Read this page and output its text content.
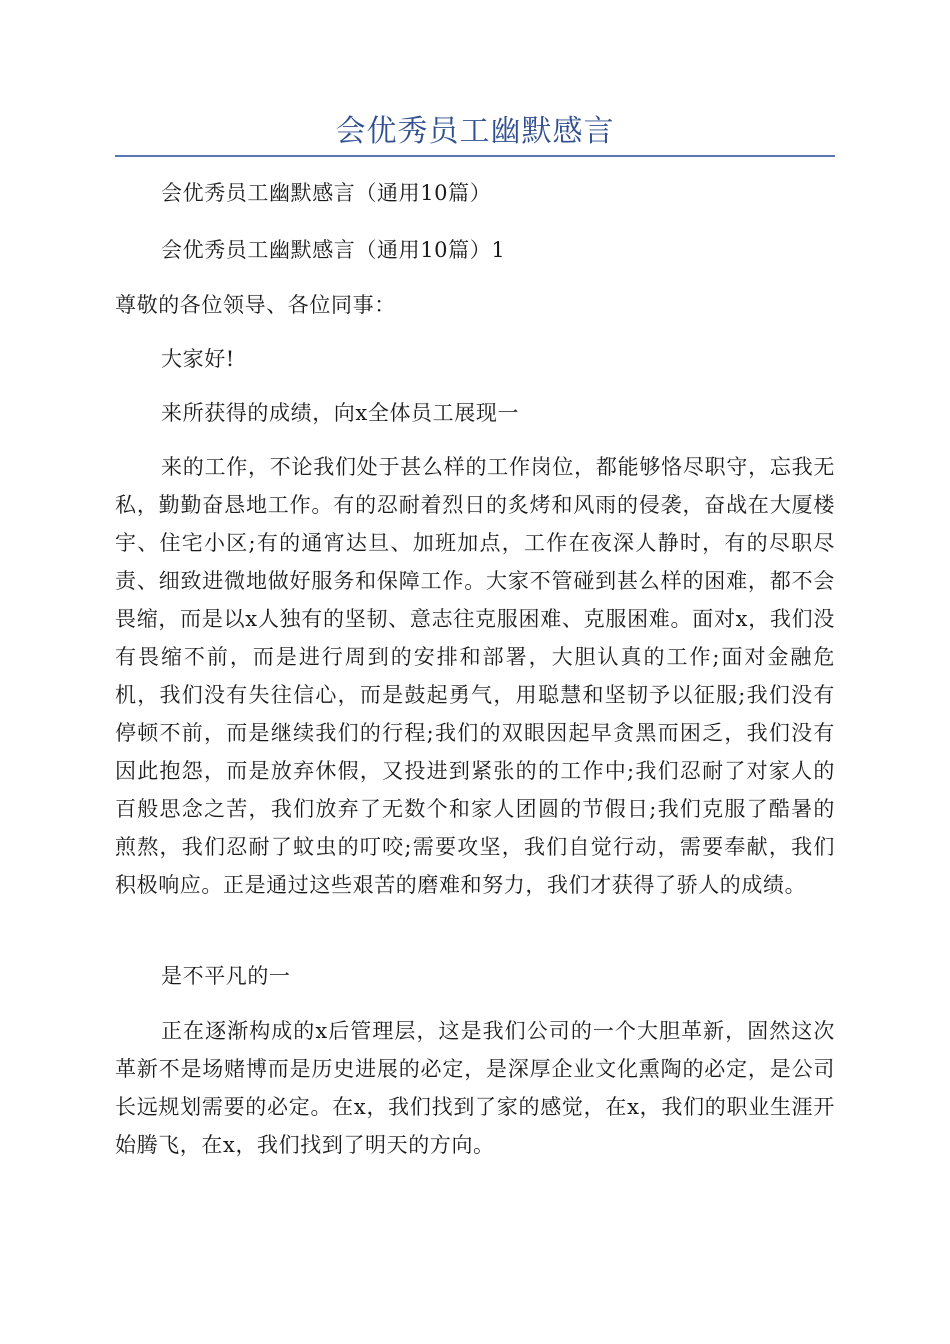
会优秀员工幽默感言

会优秀员工幽默感言（通用10篇）

会优秀员工幽默感言（通用10篇）1

尊敬的各位领导、各位同事：

大家好!

来所获得的成绩，向x全体员工展现一

来的工作，不论我们处于甚么样的工作岗位，都能够恪尽职守，忘我无私，勤勤奋恳地工作。有的忍耐着烈日的炙烤和风雨的侵袭，奋战在大厦楼宇、住宅小区;有的通宵达旦、加班加点，工作在夜深人静时，有的尽职尽责、细致进微地做好服务和保障工作。大家不管碰到甚么样的困难，都不会畏缩，而是以x人独有的坚韧、意志往克服困难、克服困难。面对x，我们没有畏缩不前，而是进行周到的安排和部署，大胆认真的工作;面对金融危机，我们没有失往信心，而是鼓起勇气，用聪慧和坚韧予以征服;我们没有停顿不前，而是继续我们的行程;我们的双眼因起早贪黑而困乏，我们没有因此抱怨，而是放弃休假，又投进到紧张的的工作中;我们忍耐了对家人的百般思念之苦，我们放弃了无数个和家人团圆的节假日;我们克服了酷暑的煎熬，我们忍耐了蚊虫的叮咬;需要攻坚，我们自觉行动，需要奉献，我们积极响应。正是通过这些艰苦的磨难和努力，我们才获得了骄人的成绩。

是不平凡的一

正在逐渐构成的x后管理层，这是我们公司的一个大胆革新，固然这次革新不是场赌博而是历史进展的必定，是深厚企业文化熏陶的必定，是公司长远规划需要的必定。在x，我们找到了家的感觉，在x，我们的职业生涯开始腾飞，在x，我们找到了明天的方向。
